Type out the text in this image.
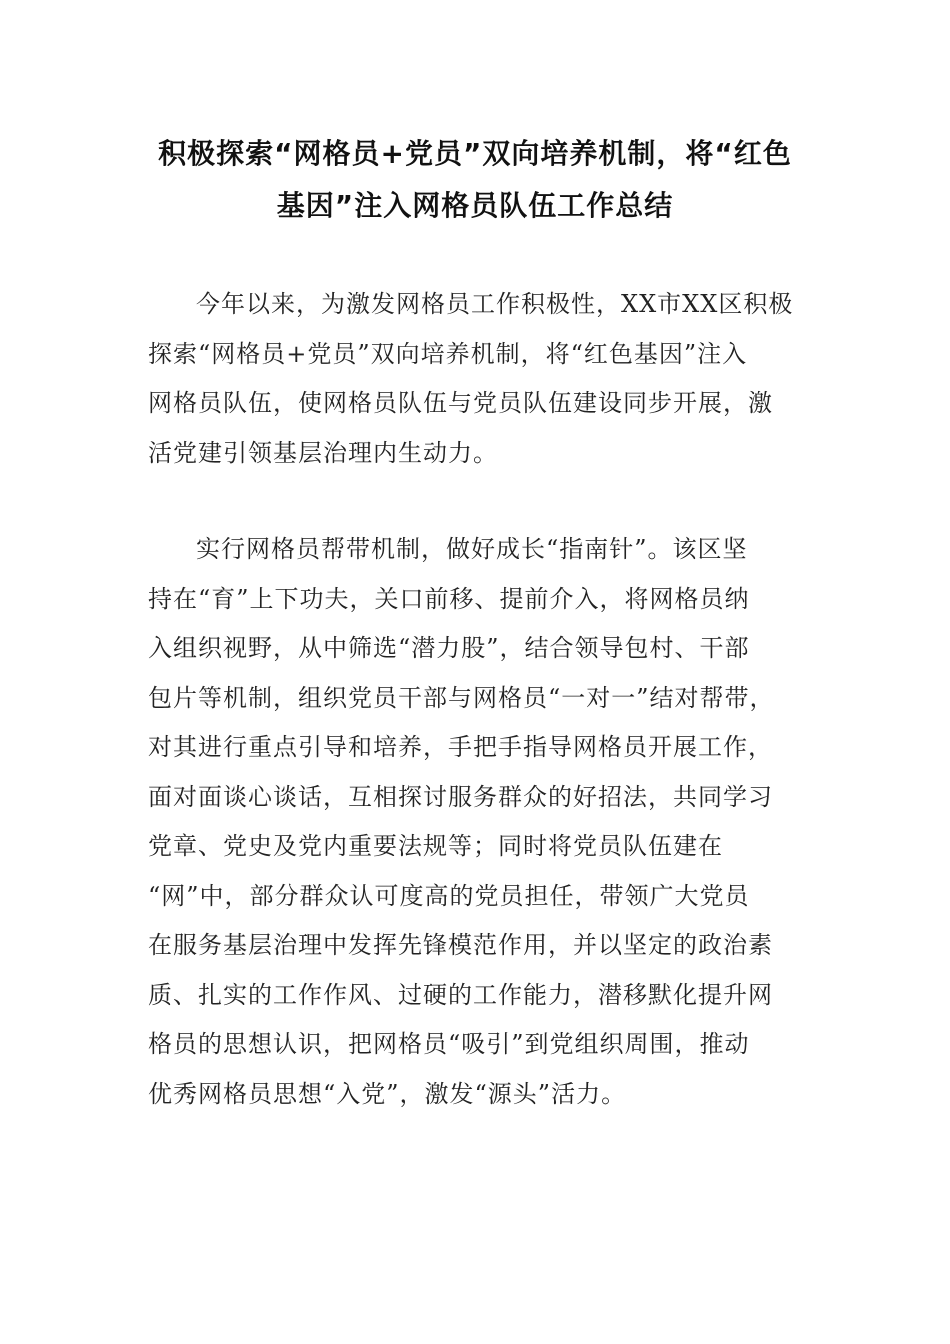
积极探索“网格员+党员”双向培养机制，将“红色
基因”注入网格员队伍工作总结
今年以来，为激发网格员工作积极性，XX市XX区积极
探索“网格员+党员”双向培养机制，将“红色基因”注入
网格员队伍，使网格员队伍与党员队伍建设同步开展，激
活党建引领基层治理内生动力。
实行网格员帮带机制，做好成长“指南针”。该区坚
持在“育”上下功夫，关口前移、提前介入，将网格员纳
入组织视野，从中筛选“潜力股”，结合领导包村、干部
包片等机制，组织党员干部与网格员“一对一”结对帮带，
对其进行重点引导和培养，手把手指导网格员开展工作，
面对面谈心谈话，互相探讨服务群众的好招法，共同学习
党章、党史及党内重要法规等；同时将党员队伍建在
“网”中，部分群众认可度高的党员担任，带领广大党员
在服务基层治理中发挥先锋模范作用，并以坚定的政治素
质、扎实的工作作风、过硬的工作能力，潜移默化提升网
格员的思想认识，把网格员“吸引”到党组织周围，推动
优秀网格员思想“入党”，激发“源头”活力。
